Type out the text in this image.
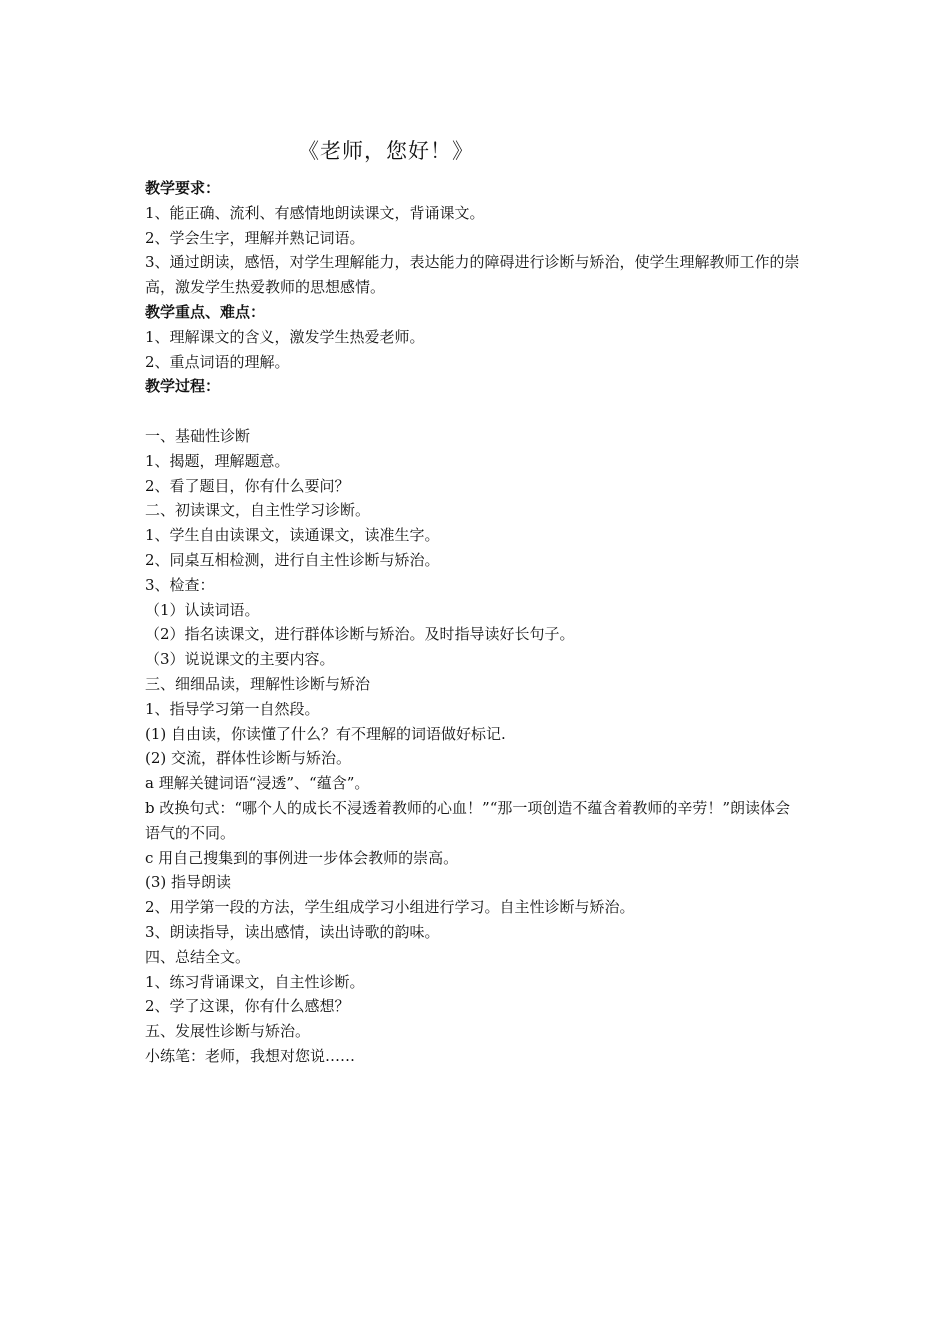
《老师，您好！》

教学要求：

1、能正确、流利、有感情地朗读课文，背诵课文。

2、学会生字，理解并熟记词语。

3、通过朗读，感悟，对学生理解能力，表达能力的障碍进行诊断与矫治，使学生理解教师工作的崇高，激发学生热爱教师的思想感情。

教学重点、难点：

1、理解课文的含义，激发学生热爱老师。

2、重点词语的理解。

教学过程：

一、基础性诊断

1、揭题，理解题意。

2、看了题目，你有什么要问？

二、初读课文，自主性学习诊断。

1、学生自由读课文，读通课文，读准生字。

2、同桌互相检测，进行自主性诊断与矫治。

3、检查：

（1）认读词语。

（2）指名读课文，进行群体诊断与矫治。及时指导读好长句子。

（3）说说课文的主要内容。

三、细细品读，理解性诊断与矫治

1、指导学习第一自然段。

(1) 自由读，你读懂了什么？有不理解的词语做好标记.

(2) 交流，群体性诊断与矫治。

a 理解关键词语“浸透”、“蕴含”。

b 改换句式：“哪个人的成长不浸透着教师的心血！”“那一项创造不蕴含着教师的辛劳！”朗读体会语气的不同。

c 用自己搜集到的事例进一步体会教师的崇高。

(3) 指导朗读

2、用学第一段的方法，学生组成学习小组进行学习。自主性诊断与矫治。

3、朗读指导，读出感情，读出诗歌的韵味。

四、总结全文。

1、练习背诵课文，自主性诊断。

2、学了这课，你有什么感想？

五、发展性诊断与矫治。

小练笔：老师，我想对您说……
